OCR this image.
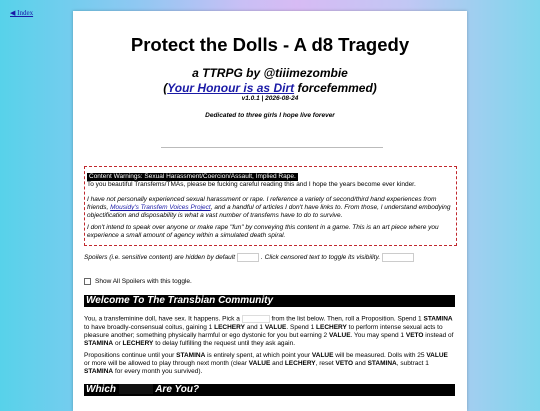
◀ Index
Protect the Dolls - A d8 Tragedy
a TTRPG by @tiiimezombie
(Your Honour is as Dirt forcefemmed)
v1.0.1 | 2026-08-24
Dedicated to three girls I hope live forever
Content Warnings: Sexual Harassment/Coercion/Assault, Implied Rape.
To you beautiful Transfems/TMAs, please be fucking careful reading this and I hope the years become ever kinder.
I have not personally experienced sexual harassment or rape. I reference a variety of second/third hand experiences from friends, Mousidy's Transfem Voices Project, and a handful of articles I don't have links to. From those, I understand embodying objectification and disposability is what a vast number of transfems have to do to survive.
I don't intend to speak over anyone or make rape "fun" by conveying this content in a game. This is an art piece where you experience a small amount of agency within a simulated death spiral.
Spoilers (i.e. sensitive content) are hidden by default	. Click censored text to toggle its visibility.
Show All Spoilers with this toggle.
Welcome To The Transbian Community
You, a transfeminine doll, have sex. It happens. Pick a	from the list below. Then, roll a Proposition. Spend 1 STAMINA to have broadly-consensual coitus, gaining 1 LECHERY and 1 VALUE. Spend 1 LECHERY to perform intense sexual acts to pleasure another; something physically harmful or ego dystonic for you but earning 2 VALUE. You may spend 1 VETO instead of STAMINA or LECHERY to delay fulfilling the request until they ask again.
Propositions continue until your STAMINA is entirely spent, at which point your VALUE will be measured. Dolls with 25 VALUE or more will be allowed to play through next month (clear VALUE and LECHERY, reset VETO and STAMINA, subtract 1 STAMINA for every month you survived).
Which	Are You?
